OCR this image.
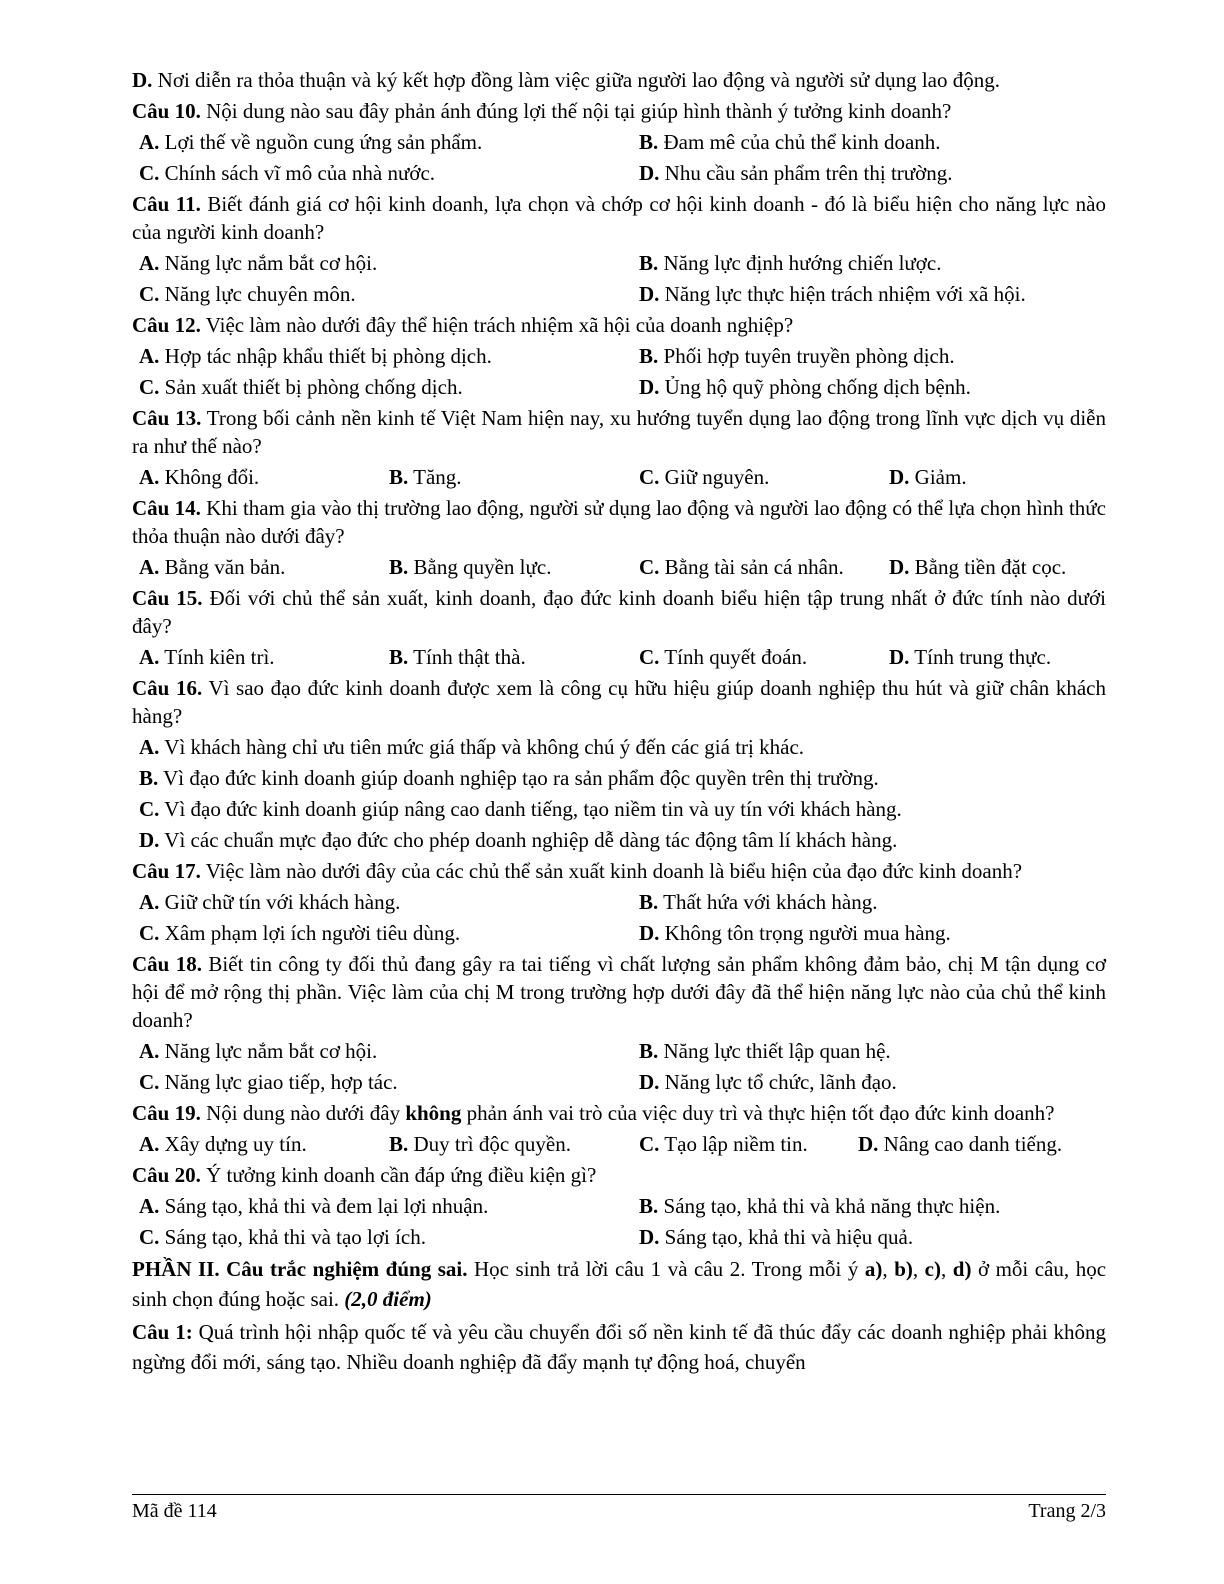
D. Nơi diễn ra thỏa thuận và ký kết hợp đồng làm việc giữa người lao động và người sử dụng lao động.

Câu 10. Nội dung nào sau đây phản ánh đúng lợi thế nội tại giúp hình thành ý tưởng kinh doanh?

A. Lợi thế về nguồn cung ứng sản phẩm.	B. Đam mê của chủ thể kinh doanh.
C. Chính sách vĩ mô của nhà nước.	D. Nhu cầu sản phẩm trên thị trường.

Câu 11. Biết đánh giá cơ hội kinh doanh, lựa chọn và chớp cơ hội kinh doanh - đó là biểu hiện cho năng lực nào của người kinh doanh?

A. Năng lực nắm bắt cơ hội.	B. Năng lực định hướng chiến lược.
C. Năng lực chuyên môn.	D. Năng lực thực hiện trách nhiệm với xã hội.

Câu 12. Việc làm nào dưới đây thể hiện trách nhiệm xã hội của doanh nghiệp?

A. Hợp tác nhập khẩu thiết bị phòng dịch.	B. Phối hợp tuyên truyền phòng dịch.
C. Sản xuất thiết bị phòng chống dịch.	D. Ủng hộ quỹ phòng chống dịch bệnh.

Câu 13. Trong bối cảnh nền kinh tế Việt Nam hiện nay, xu hướng tuyển dụng lao động trong lĩnh vực dịch vụ diễn ra như thế nào?

A. Không đổi.	B. Tăng.	C. Giữ nguyên.	D. Giảm.

Câu 14. Khi tham gia vào thị trường lao động, người sử dụng lao động và người lao động có thể lựa chọn hình thức thỏa thuận nào dưới đây?

A. Bằng văn bản.	B. Bằng quyền lực.	C. Bằng tài sản cá nhân.	D. Bằng tiền đặt cọc.

Câu 15. Đối với chủ thể sản xuất, kinh doanh, đạo đức kinh doanh biểu hiện tập trung nhất ở đức tính nào dưới đây?

A. Tính kiên trì.	B. Tính thật thà.	C. Tính quyết đoán.	D. Tính trung thực.

Câu 16. Vì sao đạo đức kinh doanh được xem là công cụ hữu hiệu giúp doanh nghiệp thu hút và giữ chân khách hàng?

A. Vì khách hàng chỉ ưu tiên mức giá thấp và không chú ý đến các giá trị khác.
B. Vì đạo đức kinh doanh giúp doanh nghiệp tạo ra sản phẩm độc quyền trên thị trường.
C. Vì đạo đức kinh doanh giúp nâng cao danh tiếng, tạo niềm tin và uy tín với khách hàng.
D. Vì các chuẩn mực đạo đức cho phép doanh nghiệp dễ dàng tác động tâm lí khách hàng.

Câu 17. Việc làm nào dưới đây của các chủ thể sản xuất kinh doanh là biểu hiện của đạo đức kinh doanh?

A. Giữ chữ tín với khách hàng.	B. Thất hứa với khách hàng.
C. Xâm phạm lợi ích người tiêu dùng.	D. Không tôn trọng người mua hàng.

Câu 18. Biết tin công ty đối thủ đang gây ra tai tiếng vì chất lượng sản phẩm không đảm bảo, chị M tận dụng cơ hội để mở rộng thị phần. Việc làm của chị M trong trường hợp dưới đây đã thể hiện năng lực nào của chủ thể kinh doanh?

A. Năng lực nắm bắt cơ hội.	B. Năng lực thiết lập quan hệ.
C. Năng lực giao tiếp, hợp tác.	D. Năng lực tổ chức, lãnh đạo.

Câu 19. Nội dung nào dưới đây không phản ánh vai trò của việc duy trì và thực hiện tốt đạo đức kinh doanh?

A. Xây dựng uy tín.	B. Duy trì độc quyền.	C. Tạo lập niềm tin.	D. Nâng cao danh tiếng.

Câu 20. Ý tưởng kinh doanh cần đáp ứng điều kiện gì?

A. Sáng tạo, khả thi và đem lại lợi nhuận.	B. Sáng tạo, khả thi và khả năng thực hiện.
C. Sáng tạo, khả thi và tạo lợi ích.	D. Sáng tạo, khả thi và hiệu quả.

PHẦN II. Câu trắc nghiệm đúng sai. Học sinh trả lời câu 1 và câu 2. Trong mỗi ý a), b), c), d) ở mỗi câu, học sinh chọn đúng hoặc sai. (2,0 điểm)

Câu 1: Quá trình hội nhập quốc tế và yêu cầu chuyển đổi số nền kinh tế đã thúc đẩy các doanh nghiệp phải không ngừng đổi mới, sáng tạo. Nhiều doanh nghiệp đã đẩy mạnh tự động hoá, chuyển

Mã đề 114	Trang 2/3
